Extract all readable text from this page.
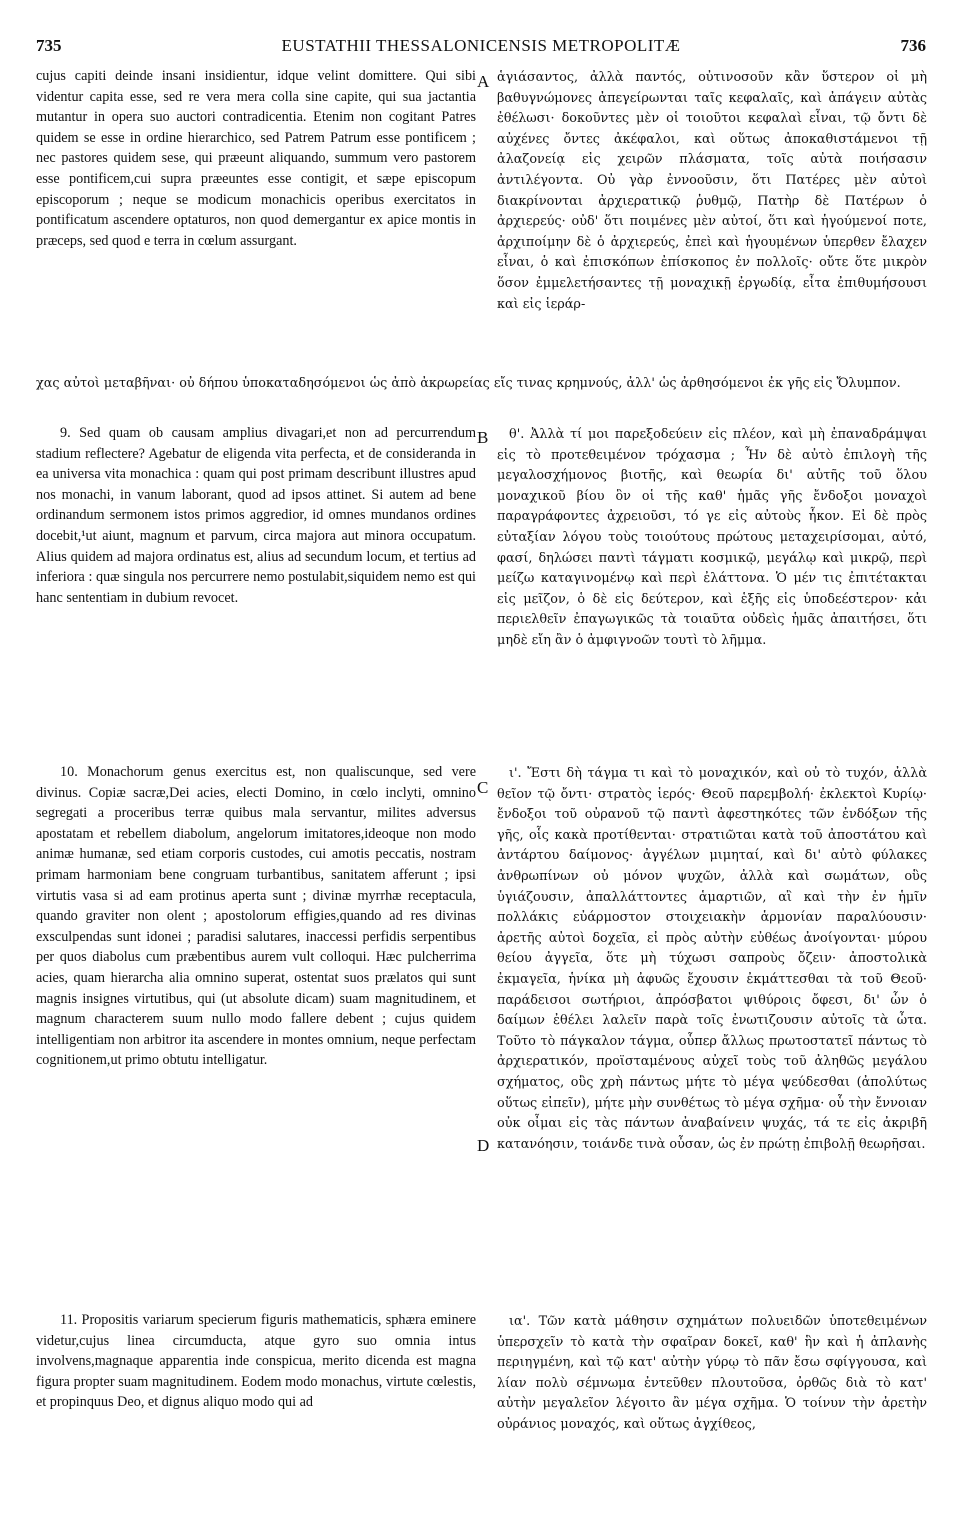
735	EUSTATHII THESSALONICENSIS METROPOLITÆ	736
A
B
C
D

cujus capiti deinde insani insidientur, idque velint domittere. Qui sibi videntur capita esse, sed re vera mera colla sine capite, qui sua jactantia mutantur in opera suo auctori contradicentia. Etenim non cogitant Patres quidem se esse in ordine hierarchico, sed Patrem Patrum esse pontificem ; nec pastores quidem sese, qui præeunt aliquando, summum vero pastorem esse pontificem,cui supra præeuntes esse contigit, et sæpe episcopum episcoporum ; neque se modicum monachicis operibus exercitatos in pontificatum ascendere optaturos, non quod demergantur ex apice montis in præceps, sed quod e terra in cœlum assurgant.

9. Sed quam ob causam amplius divagari,et non ad percurrendum stadium reflectere? Agebatur de eligenda vita perfecta, et de consideranda in ea universa vita monachica : quam qui post primam describunt illustres apud nos monachi, in vanum laborant, quod ad ipsos attinet. Si autem ad bene ordinandum sermonem istos primos aggredior, id omnes mundanos ordines docebit,¹ut aiunt, magnum et parvum, circa majora aut minora occupatum. Alius quidem ad majora ordinatus est, alius ad secundum locum, et tertius ad inferiora : quæ singula nos percurrere nemo postulabit,siquidem nemo est qui hanc sententiam in dubium revocet.

10. Monachorum genus exercitus est, non qualiscunque, sed vere divinus. Copiæ sacræ,Dei acies, electi Domino, in cœlo inclyti, omnino segregati a proceribus terræ quibus mala servantur, milites adversus apostatam et rebellem diabolum, angelorum imitatores,ideoque non modo animæ humanæ, sed etiam corporis custodes, cui amotis peccatis, nostram primam harmoniam bene congruam turbantibus, sanitatem afferunt ; ipsi virtutis vasa si ad eam protinus aperta sunt ; divinæ myrrhæ receptacula, quando graviter non olent ; apostolorum effigies,quando ad res divinas exsculpendas sunt idonei ; paradisi salutares, inaccessi perfidis serpentibus per quos diabolus cum præbentibus aurem vult colloqui. Hæc pulcherrima acies, quam hierarcha alia omnino superat, ostentat suos prælatos qui sunt magnis insignes virtutibus, qui (ut absolute dicam) suam magnitudinem, et magnum characterem suum nullo modo fallere debent ; cujus quidem intelligentiam non arbitror ita ascendere in montes omnium, neque perfectam cognitionem,ut primo obtutu intelligatur.

11. Propositis variarum specierum figuris mathematicis, sphæra eminere videtur,cujus linea circumducta, atque gyro suo omnia intus involvens,magnaque apparentia inde conspicua, merito dicenda est magna figura propter suam magnitudinem. Eodem modo monachus, virtute cœlestis, et propinquus Deo, et dignus aliquo modo qui ad

ἁγιάσαντος, ἀλλὰ παντός, οὐτινοσοῦν κἂν ὕστερον οἱ μὴ βαθυγνώμονες ἀπεγείρωνται ταῖς κεφαλαῖς, καὶ ἀπάγειν αὐτὰς ἐθέλωσι· δοκοῦντες μὲν οἱ τοιοῦτοι κεφαλαὶ εἶναι, τῷ ὄντι δὲ αὐχένες ὄντες ἀκέφαλοι, καὶ οὕτως ἀποκαθιστάμενοι τῇ ἀλαζονείᾳ εἰς χειρῶν πλάσματα, τοῖς αὐτὰ ποιήσασιν ἀντιλέγοντα. Οὐ γὰρ ἐννοοῦσιν, ὅτι Πατέρες μὲν αὐτοὶ διακρίνονται ἀρχιερατικῷ ῥυθμῷ, Πατὴρ δὲ Πατέρων ὁ ἀρχιερεύς· οὐδ' ὅτι ποιμένες μὲν αὐτοί, ὅτι καὶ ἡγούμενοί ποτε, ἀρχιποίμην δὲ ὁ ἀρχιερεύς, ἐπεὶ καὶ ἡγουμένων ὑπερθεν ἔλαχεν εἶναι, ὁ καὶ ἐπισκόπων ἐπίσκοπος ἐν πολλοῖς· οὔτε ὅτε μικρὸν ὅσον ἐμμελετήσαντες τῇ μοναχικῇ ἐργωδίᾳ, εἶτα ἐπιθυμήσουσι καὶ εἰς ἱεράρ-

χας αὐτοὶ μεταβῆναι· οὐ δήπου ὑποκαταδησόμενοι ὡς ἀπὸ ἀκρωρείας εἴς τινας κρημνούς, ἀλλ' ὡς ἀρθησόμενοι ἐκ γῆς εἰς Ὄλυμπον.

θ'. Ἀλλὰ τί μοι παρεξοδεύειν εἰς πλέον, καὶ μὴ ἐπαναδράμψαι εἰς τὸ προτεθειμένον τρόχασμα ; Ἦν δὲ αὐτὸ ἐπιλογὴ τῆς μεγαλοσχήμονος βιοτῆς, καὶ θεωρία δι' αὐτῆς τοῦ ὅλου μοναχικοῦ βίου ὃν οἱ τῆς καθ' ἡμᾶς γῆς ἔνδοξοι μοναχοὶ παραγράφοντες ἀχρειοῦσι, τό γε εἰς αὐτοὺς ἧκον. Εἰ δὲ πρὸς εὐταξίαν λόγου τοὺς τοιούτους πρώτους μεταχειρίσομαι, αὐτό, φασί, δηλώσει παντὶ τάγματι κοσμικῷ, μεγάλῳ καὶ μικρῷ, περὶ μείζω καταγινομένῳ καὶ περὶ ἐλάττονα. Ὁ μέν τις ἐπιτέτακται εἰς μεῖζον, ὁ δὲ εἰς δεύτερον, καὶ ἑξῆς εἰς ὑποδεέστερον· κἀι περιελθεῖν ἐπαγωγικῶς τὰ τοιαῦτα οὐδεὶς ἡμᾶς ἀπαιτήσει, ὅτι μηδὲ εἴη ἂν ὁ ἀμφιγνοῶν τουτὶ τὸ λῆμμα.

ι'. Ἔστι δὴ τάγμα τι καὶ τὸ μοναχικόν, καὶ οὐ τὸ τυχόν, ἀλλὰ θεῖον τῷ ὄντι· στρατὸς ἱερός· Θεοῦ παρεμβολή· ἐκλεκτοὶ Κυρίῳ· ἔνδοξοι τοῦ οὐρανοῦ τῷ παντὶ ἀφεστηκότες τῶν ἐνδόξων τῆς γῆς, οἷς κακὰ προτίθενται· στρατιῶται κατὰ τοῦ ἀποστάτου καὶ ἀντάρτου δαίμονος· ἀγγέλων μιμηταί, καὶ δι' αὐτὸ φύλακες ἀνθρωπίνων οὐ μόνον ψυχῶν, ἀλλὰ καὶ σωμάτων, οὓς ὑγιάζουσιν, ἀπαλλάττοντες ἁμαρτιῶν, αἳ καὶ τὴν ἐν ἡμῖν πολλάκις εὐάρμοστον στοιχειακὴν ἁρμονίαν παραλύουσιν· ἀρετῆς αὐτοὶ δοχεῖα, εἰ πρὸς αὐτὴν εὐθέως ἀνοίγονται· μύρου θείου ἀγγεῖα, ὅτε μὴ τύχωσι σαπροὺς ὄζειν· ἀποστολικὰ ἐκμαγεῖα, ἡνίκα μὴ ἀφυῶς ἔχουσιν ἐκμάττεσθαι τὰ τοῦ Θεοῦ· παράδεισοι σωτήριοι, ἀπρόσβατοι ψιθύροις ὄφεσι, δι' ὧν ὁ δαίμων ἐθέλει λαλεῖν παρὰ τοῖς ἐνωτιζουσιν αὐτοῖς τὰ ὦτα. Τοῦτο τὸ πάγκαλον τάγμα, οὗπερ ἄλλως πρωτοστατεῖ πάντως τὸ ἀρχιερατικόν, προϊσταμένους αὐχεῖ τοὺς τοῦ ἀληθῶς μεγάλου σχήματος, οὓς χρὴ πάντως μήτε τὸ μέγα ψεύδεσθαι (ἀπολύτως οὕτως εἰπεῖν), μήτε μὴν συνθέτως τὸ μέγα σχῆμα· οὗ τὴν ἔννοιαν οὐκ οἶμαι εἰς τὰς πάντων ἀναβαίνειν ψυχάς, τά τε εἰς ἀκριβῆ κατανόησιν, τοιάνδε τινὰ οὖσαν, ὡς ἐν πρώτῃ ἐπιβολῇ θεωρῆσαι.

ια'. Τῶν κατὰ μάθησιν σχημάτων πολυειδῶν ὑποτεθειμένων ὑπερσχεῖν τὸ κατὰ τὴν σφαῖραν δοκεῖ, καθ' ἣν καὶ ἡ ἀπλανὴς περιηγμένη, καὶ τῷ κατ' αὐτὴν γύρῳ τὸ πᾶν ἔσω σφίγγουσα, καὶ λίαν πολὺ σέμνωμα ἐντεῦθεν πλουτοῦσα, ὀρθῶς διὰ τὸ κατ' αὐτὴν μεγαλεῖον λέγοιτο ἂν μέγα σχῆμα. Ὁ τοίνυν τὴν ἀρετὴν οὐράνιος μοναχός, καὶ οὕτως ἀγχίθεος,
